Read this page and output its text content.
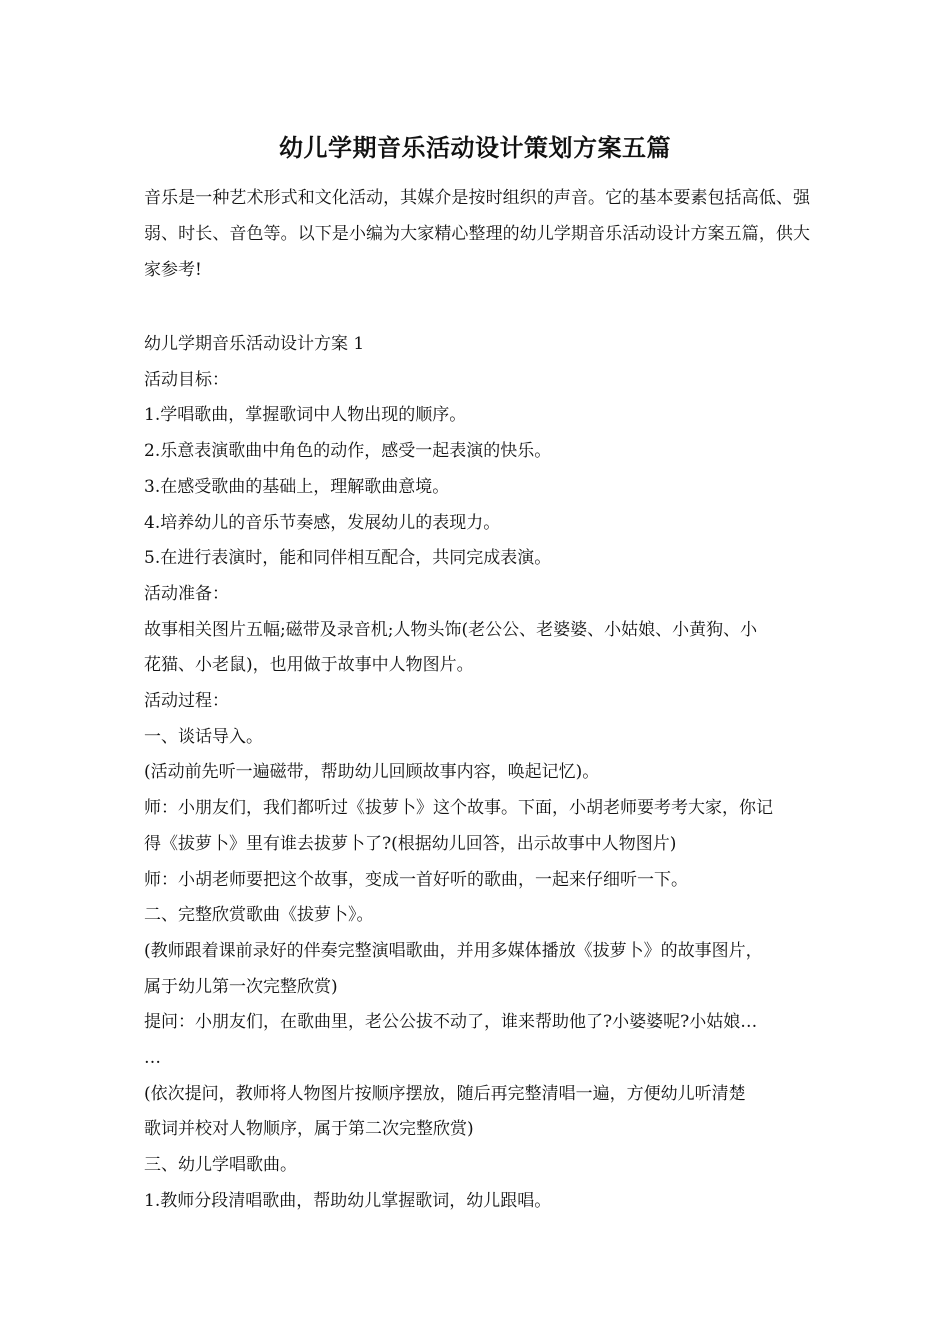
幼儿学期音乐活动设计策划方案五篇

音乐是一种艺术形式和文化活动，其媒介是按时组织的声音。它的基本要素包括高低、强弱、时长、音色等。以下是小编为大家精心整理的幼儿学期音乐活动设计方案五篇，供大家参考!

幼儿学期音乐活动设计方案 1

活动目标：

1.学唱歌曲，掌握歌词中人物出现的顺序。

2.乐意表演歌曲中角色的动作，感受一起表演的快乐。

3.在感受歌曲的基础上，理解歌曲意境。

4.培养幼儿的音乐节奏感，发展幼儿的表现力。

5.在进行表演时，能和同伴相互配合，共同完成表演。

活动准备：

故事相关图片五幅;磁带及录音机;人物头饰(老公公、老婆婆、小姑娘、小黄狗、小

花猫、小老鼠)，也用做于故事中人物图片。

活动过程：

一、谈话导入。

(活动前先听一遍磁带，帮助幼儿回顾故事内容，唤起记忆)。

师：小朋友们，我们都听过《拔萝卜》这个故事。下面，小胡老师要考考大家，你记

得《拔萝卜》里有谁去拔萝卜了?(根据幼儿回答，出示故事中人物图片)

师：小胡老师要把这个故事，变成一首好听的歌曲，一起来仔细听一下。

二、完整欣赏歌曲《拔萝卜》。

(教师跟着课前录好的伴奏完整演唱歌曲，并用多媒体播放《拔萝卜》的故事图片，

属于幼儿第一次完整欣赏)

提问：小朋友们，在歌曲里，老公公拔不动了，谁来帮助他了?小婆婆呢?小姑娘…

…

(依次提问，教师将人物图片按顺序摆放，随后再完整清唱一遍，方便幼儿听清楚

歌词并校对人物顺序，属于第二次完整欣赏)

三、幼儿学唱歌曲。

1.教师分段清唱歌曲，帮助幼儿掌握歌词，幼儿跟唱。
